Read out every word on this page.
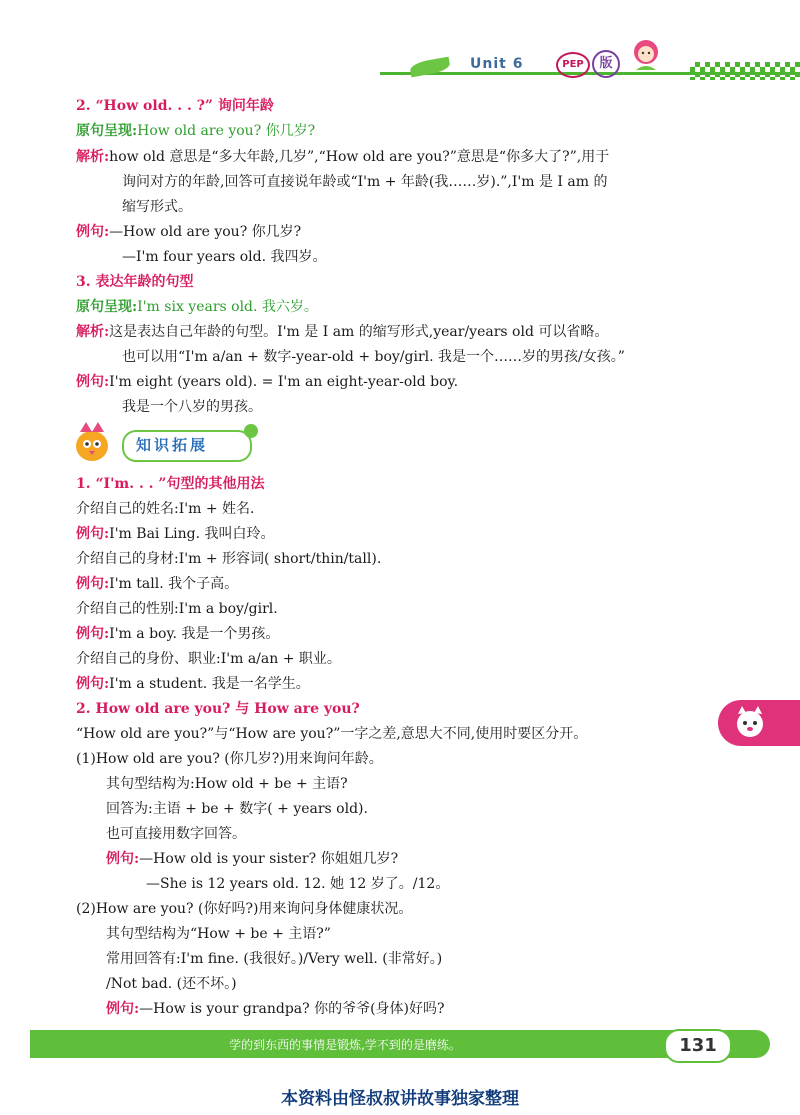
Unit 6	PEP	版
2. “How old. . . ?” 询问年龄
原句呈现:How old are you? 你几岁?
解析:how old 意思是“多大年龄,几岁”,“How old are you?”意思是“你多大了?”,用于
询问对方的年龄,回答可直接说年龄或“I'm + 年龄(我……岁).”,I'm 是 I am 的
缩写形式。
例句:—How old are you? 你几岁?
—I'm four years old. 我四岁。
3. 表达年龄的句型
原句呈现:I'm six years old. 我六岁。
解析:这是表达自己年龄的句型。I'm 是 I am 的缩写形式,year/years old 可以省略。
也可以用“I'm a/an + 数字-year-old + boy/girl. 我是一个……岁的男孩/女孩。”
例句:I'm eight (years old). = I'm an eight-year-old boy.
我是一个八岁的男孩。
知识拓展
1. “I'm. . . ”句型的其他用法
介绍自己的姓名:I'm + 姓名.
例句:I'm Bai Ling. 我叫白玲。
介绍自己的身材:I'm + 形容词( short/thin/tall).
例句:I'm tall. 我个子高。
介绍自己的性别:I'm a boy/girl.
例句:I'm a boy. 我是一个男孩。
介绍自己的身份、职业:I'm a/an + 职业。
例句:I'm a student. 我是一名学生。
2. How old are you? 与 How are you?
“How old are you?”与“How are you?”一字之差,意思大不同,使用时要区分开。
(1)How old are you? (你几岁?)用来询问年龄。
其句型结构为:How old + be + 主语?
回答为:主语 + be + 数字( + years old).
也可直接用数字回答。
例句:—How old is your sister? 你姐姐几岁?
—She is 12 years old. 12. 她 12 岁了。/12。
(2)How are you? (你好吗?)用来询问身体健康状况。
其句型结构为“How + be + 主语?”
常用回答有:I'm fine. (我很好。)/Very well. (非常好。)
/Not bad. (还不坏。)
例句:—How is your grandpa? 你的爷爷(身体)好吗?
学的到东西的事情是锻炼,学不到的是磨练。	131
本资料由怪叔叔讲故事独家整理
